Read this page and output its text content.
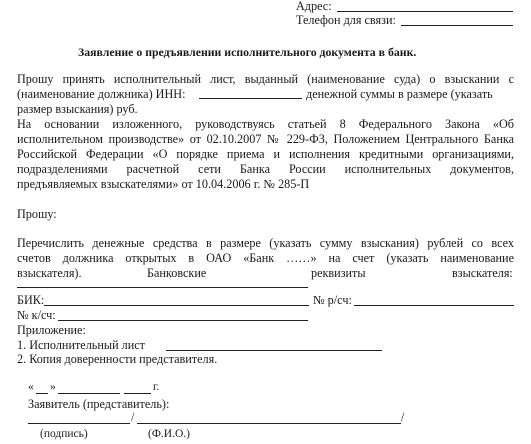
Адрес:
Телефон для связи:
Заявление о предъявлении исполнительного документа в банк.
Прошу принять исполнительный лист, выданный (наименование суда) о взыскании с
(наименование должника) ИНН:	денежной суммы в размере (указать
размер взыскания) руб.
На основании изложенного, руководствуясь статьей 8 Федерального Закона «Об
исполнительном производстве» от 02.10.2007 № 229-ФЗ, Положением Центрального Банка
Российской Федерации «О порядке приема и исполнения кредитными организациями,
подразделениями расчетной сети Банка России исполнительных документов,
предъявляемых взыскателями» от 10.04.2006 г. № 285-П
Прошу:
Перечислить денежные средства в размере (указать сумму взыскания) рублей со всех
счетов должника открытых в ОАО «Банк ……» на счет (указать наименование
взыскателя).	Банковские	реквизиты	взыскателя:
БИК:	№ р/сч:
№ к/сч:
Приложение:
1. Исполнительный лист
2. Копия доверенности представителя.
« »	г.
Заявитель (представитель):
/	/
(подпись)	(Ф.И.О.)
